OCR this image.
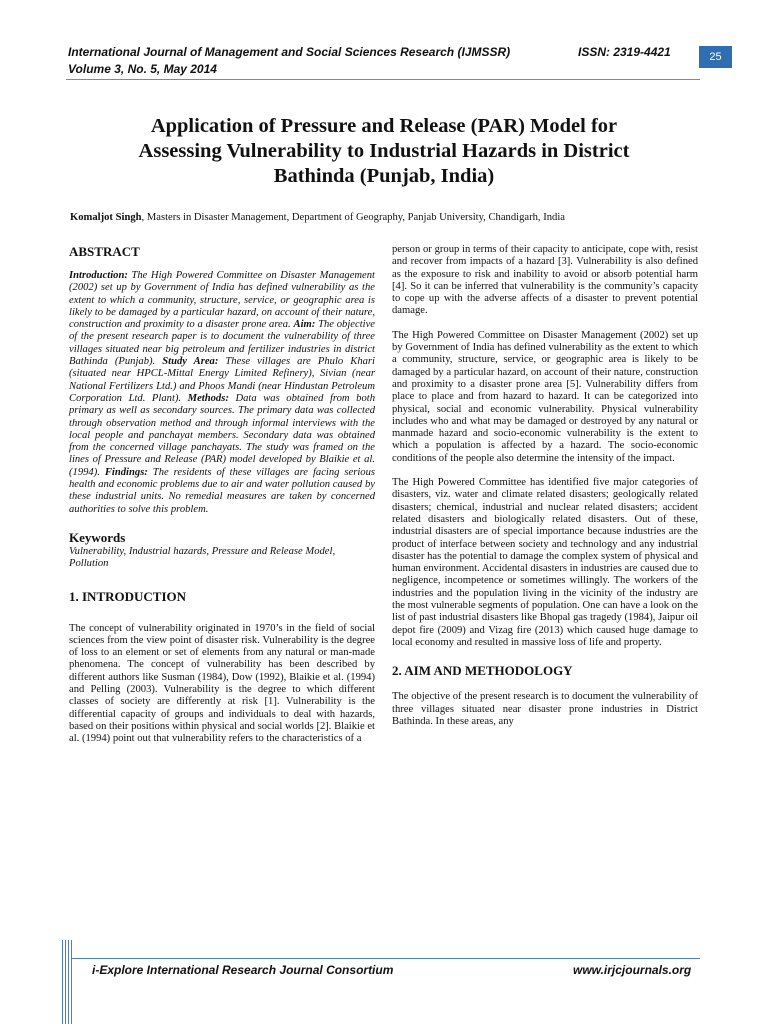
International Journal of Management and Social Sciences Research (IJMSSR)
Volume 3, No. 5, May 2014
ISSN: 2319-4421	25
Application of Pressure and Release (PAR) Model for
Assessing Vulnerability to Industrial Hazards in District
Bathinda (Punjab, India)
Komaljot Singh, Masters in Disaster Management, Department of Geography, Panjab University, Chandigarh, India

ABSTRACT

Introduction: The High Powered Committee on Disaster Management (2002) set up by Government of India has defined vulnerability as the extent to which a community, structure, service, or geographic area is likely to be damaged by a particular hazard, on account of their nature, construction and proximity to a disaster prone area. Aim: The objective of the present research paper is to document the vulnerability of three villages situated near big petroleum and fertilizer industries in district Bathinda (Punjab). Study Area: These villages are Phulo Khari (situated near HPCL-Mittal Energy Limited Refinery), Sivian (near National Fertilizers Ltd.) and Phoos Mandi (near Hindustan Petroleum Corporation Ltd. Plant). Methods: Data was obtained from both primary as well as secondary sources. The primary data was collected through observation method and through informal interviews with the local people and panchayat members. Secondary data was obtained from the concerned village panchayats. The study was framed on the lines of Pressure and Release (PAR) model developed by Blaikie et al. (1994). Findings: The residents of these villages are facing serious health and economic problems due to air and water pollution caused by these industrial units. No remedial measures are taken by concerned authorities to solve this problem.

Keywords

Vulnerability, Industrial hazards, Pressure and Release Model, Pollution

1. INTRODUCTION

The concept of vulnerability originated in 1970’s in the field of social sciences from the view point of disaster risk. Vulnerability is the degree of loss to an element or set of elements from any natural or man-made phenomena. The concept of vulnerability has been described by different authors like Susman (1984), Dow (1992), Blaikie et al. (1994) and Pelling (2003). Vulnerability is the degree to which different classes of society are differently at risk [1]. Vulnerability is the differential capacity of groups and individuals to deal with hazards, based on their positions within physical and social worlds [2]. Blaikie et al. (1994) point out that vulnerability refers to the characteristics of a

person or group in terms of their capacity to anticipate, cope with, resist and recover from impacts of a hazard [3]. Vulnerability is also defined as the exposure to risk and inability to avoid or absorb potential harm [4]. So it can be inferred that vulnerability is the community’s capacity to cope up with the adverse affects of a disaster to prevent potential damage.

The High Powered Committee on Disaster Management (2002) set up by Government of India has defined vulnerability as the extent to which a community, structure, service, or geographic area is likely to be damaged by a particular hazard, on account of their nature, construction and proximity to a disaster prone area [5]. Vulnerability differs from place to place and from hazard to hazard. It can be categorized into physical, social and economic vulnerability. Physical vulnerability includes who and what may be damaged or destroyed by any natural or manmade hazard and socio-economic vulnerability is the extent to which a population is affected by a hazard. The socio-economic conditions of the people also determine the intensity of the impact.

The High Powered Committee has identified five major categories of disasters, viz. water and climate related disasters; geologically related disasters; chemical, industrial and nuclear related disasters; accident related disasters and biologically related disasters. Out of these, industrial disasters are of special importance because industries are the product of interface between society and technology and any industrial disaster has the potential to damage the complex system of physical and human environment. Accidental disasters in industries are caused due to negligence, incompetence or sometimes willingly. The workers of the industries and the population living in the vicinity of the industry are the most vulnerable segments of population. One can have a look on the list of past industrial disasters like Bhopal gas tragedy (1984), Jaipur oil depot fire (2009) and Vizag fire (2013) which caused huge damage to local economy and resulted in massive loss of life and property.

2. AIM AND METHODOLOGY

The objective of the present research is to document the vulnerability of three villages situated near disaster prone industries in District Bathinda. In these areas, any

i-Explore International Research Journal Consortium	www.irjcjournals.org
